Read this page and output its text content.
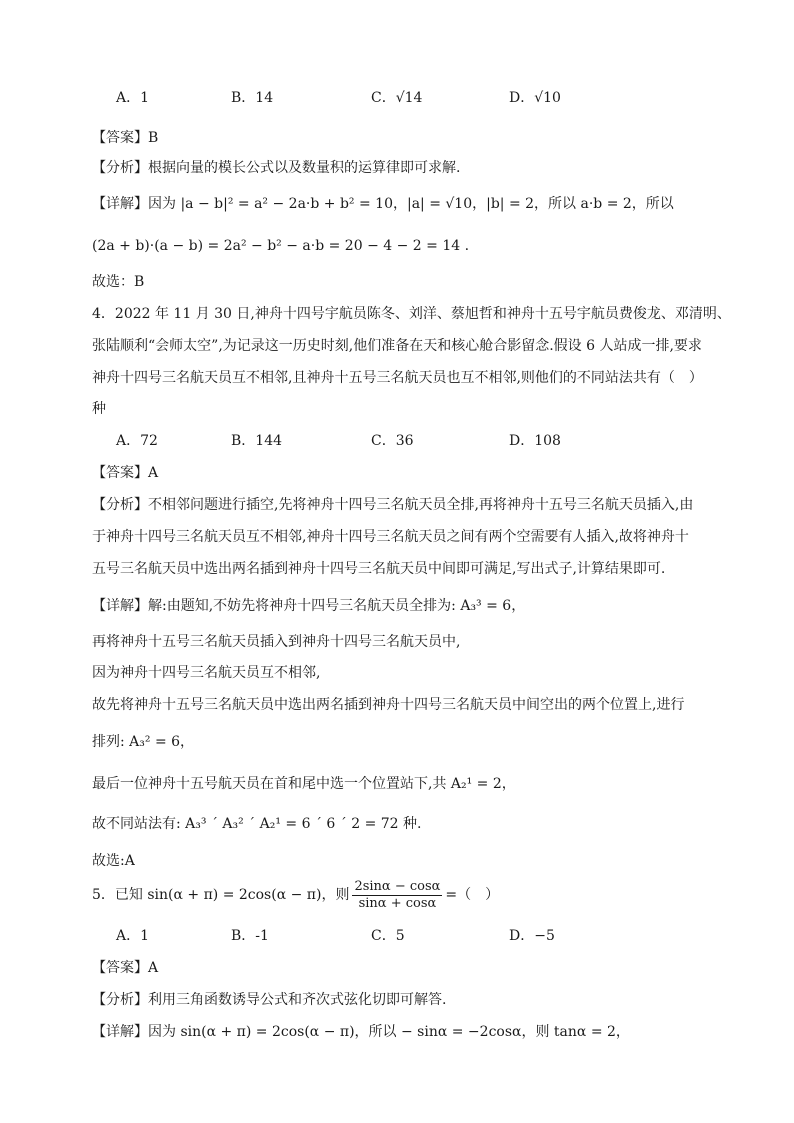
A．1	B．14	C．√14	D．√10
【答案】B
【分析】根据向量的模长公式以及数量积的运算律即可求解.
【详解】因为 |a − b|² = a² − 2a·b + b² = 10，|a| = √10，|b| = 2，所以 a·b = 2，所以
(2a + b)·(a − b) = 2a² − b² − a·b = 20 − 4 − 2 = 14 .
故选：B
4．2022 年 11 月 30 日,神舟十四号宇航员陈冬、刘洋、蔡旭哲和神舟十五号宇航员费俊龙、邓清明、
张陆顺利“会师太空”,为记录这一历史时刻,他们准备在天和核心舱合影留念.假设 6 人站成一排,要求
神舟十四号三名航天员互不相邻,且神舟十五号三名航天员也互不相邻,则他们的不同站法共有（　）
种
A．72	B．144	C．36	D．108
【答案】A
【分析】不相邻问题进行插空,先将神舟十四号三名航天员全排,再将神舟十五号三名航天员插入,由
于神舟十四号三名航天员互不相邻,神舟十四号三名航天员之间有两个空需要有人插入,故将神舟十
五号三名航天员中选出两名插到神舟十四号三名航天员中间即可满足,写出式子,计算结果即可.
【详解】解:由题知,不妨先将神舟十四号三名航天员全排为: A₃³ = 6，
再将神舟十五号三名航天员插入到神舟十四号三名航天员中,
因为神舟十四号三名航天员互不相邻,
故先将神舟十五号三名航天员中选出两名插到神舟十四号三名航天员中间空出的两个位置上,进行
排列: A₃² = 6，
最后一位神舟十五号航天员在首和尾中选一个位置站下,共 A₂¹ = 2，
故不同站法有: A₃³ ´ A₃² ´ A₂¹ = 6 ´ 6 ´ 2 = 72 种.
故选:A
5．已知 sin(α + π) = 2cos(α − π)，则 $\frac{2\sin\alpha - \cos\alpha}{\sin\alpha + \cos\alpha}$ =（　）
A．1	B．-1	C．5	D．−5
【答案】A
【分析】利用三角函数诱导公式和齐次式弦化切即可解答.
【详解】因为 sin(α + π) = 2cos(α − π)，所以 − sinα = −2cosα，则 tanα = 2，
